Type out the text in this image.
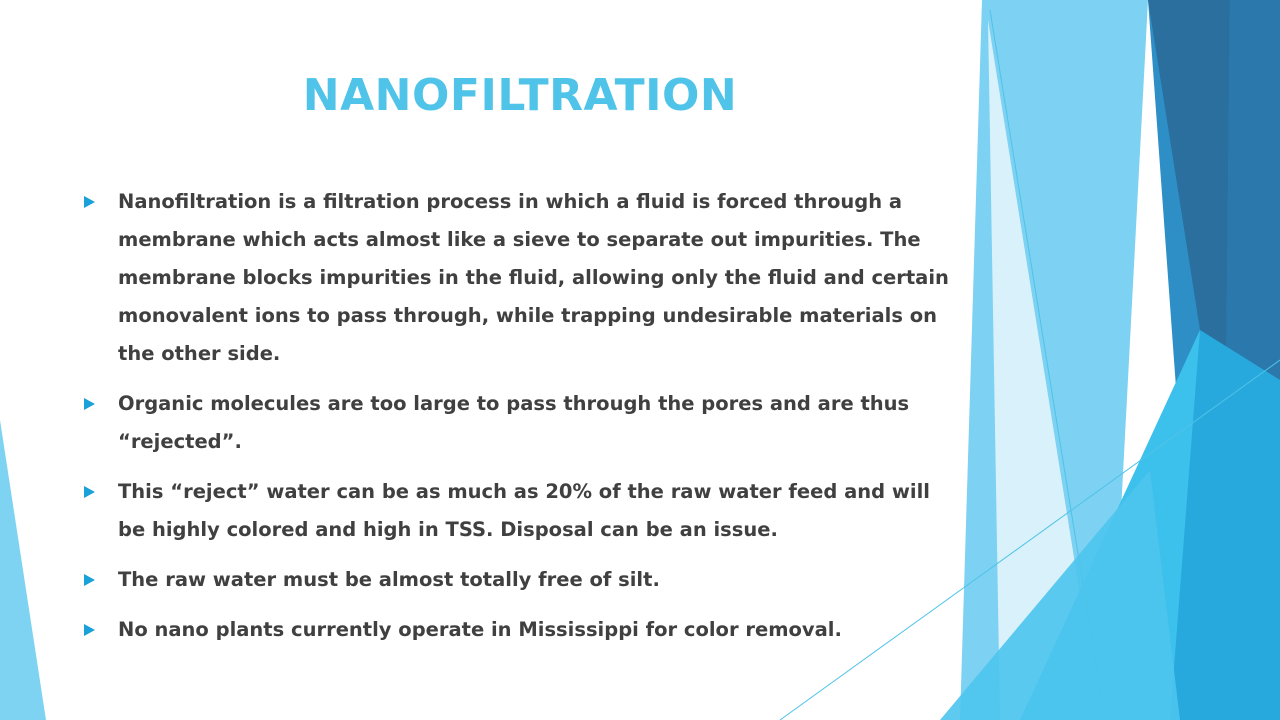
NANOFILTRATION
Nanofiltration is a filtration process in which a fluid is forced through a membrane which acts almost like a sieve to separate out impurities. The membrane blocks impurities in the fluid, allowing only the fluid and certain monovalent ions to pass through, while trapping undesirable materials on the other side.
Organic molecules are too large to pass through the pores and are thus “rejected”.
This “reject” water can be as much as 20% of the raw water feed and will be highly colored and high in TSS. Disposal can be an issue.
The raw water must be almost totally free of silt.
No nano plants currently operate in Mississippi for color removal.
